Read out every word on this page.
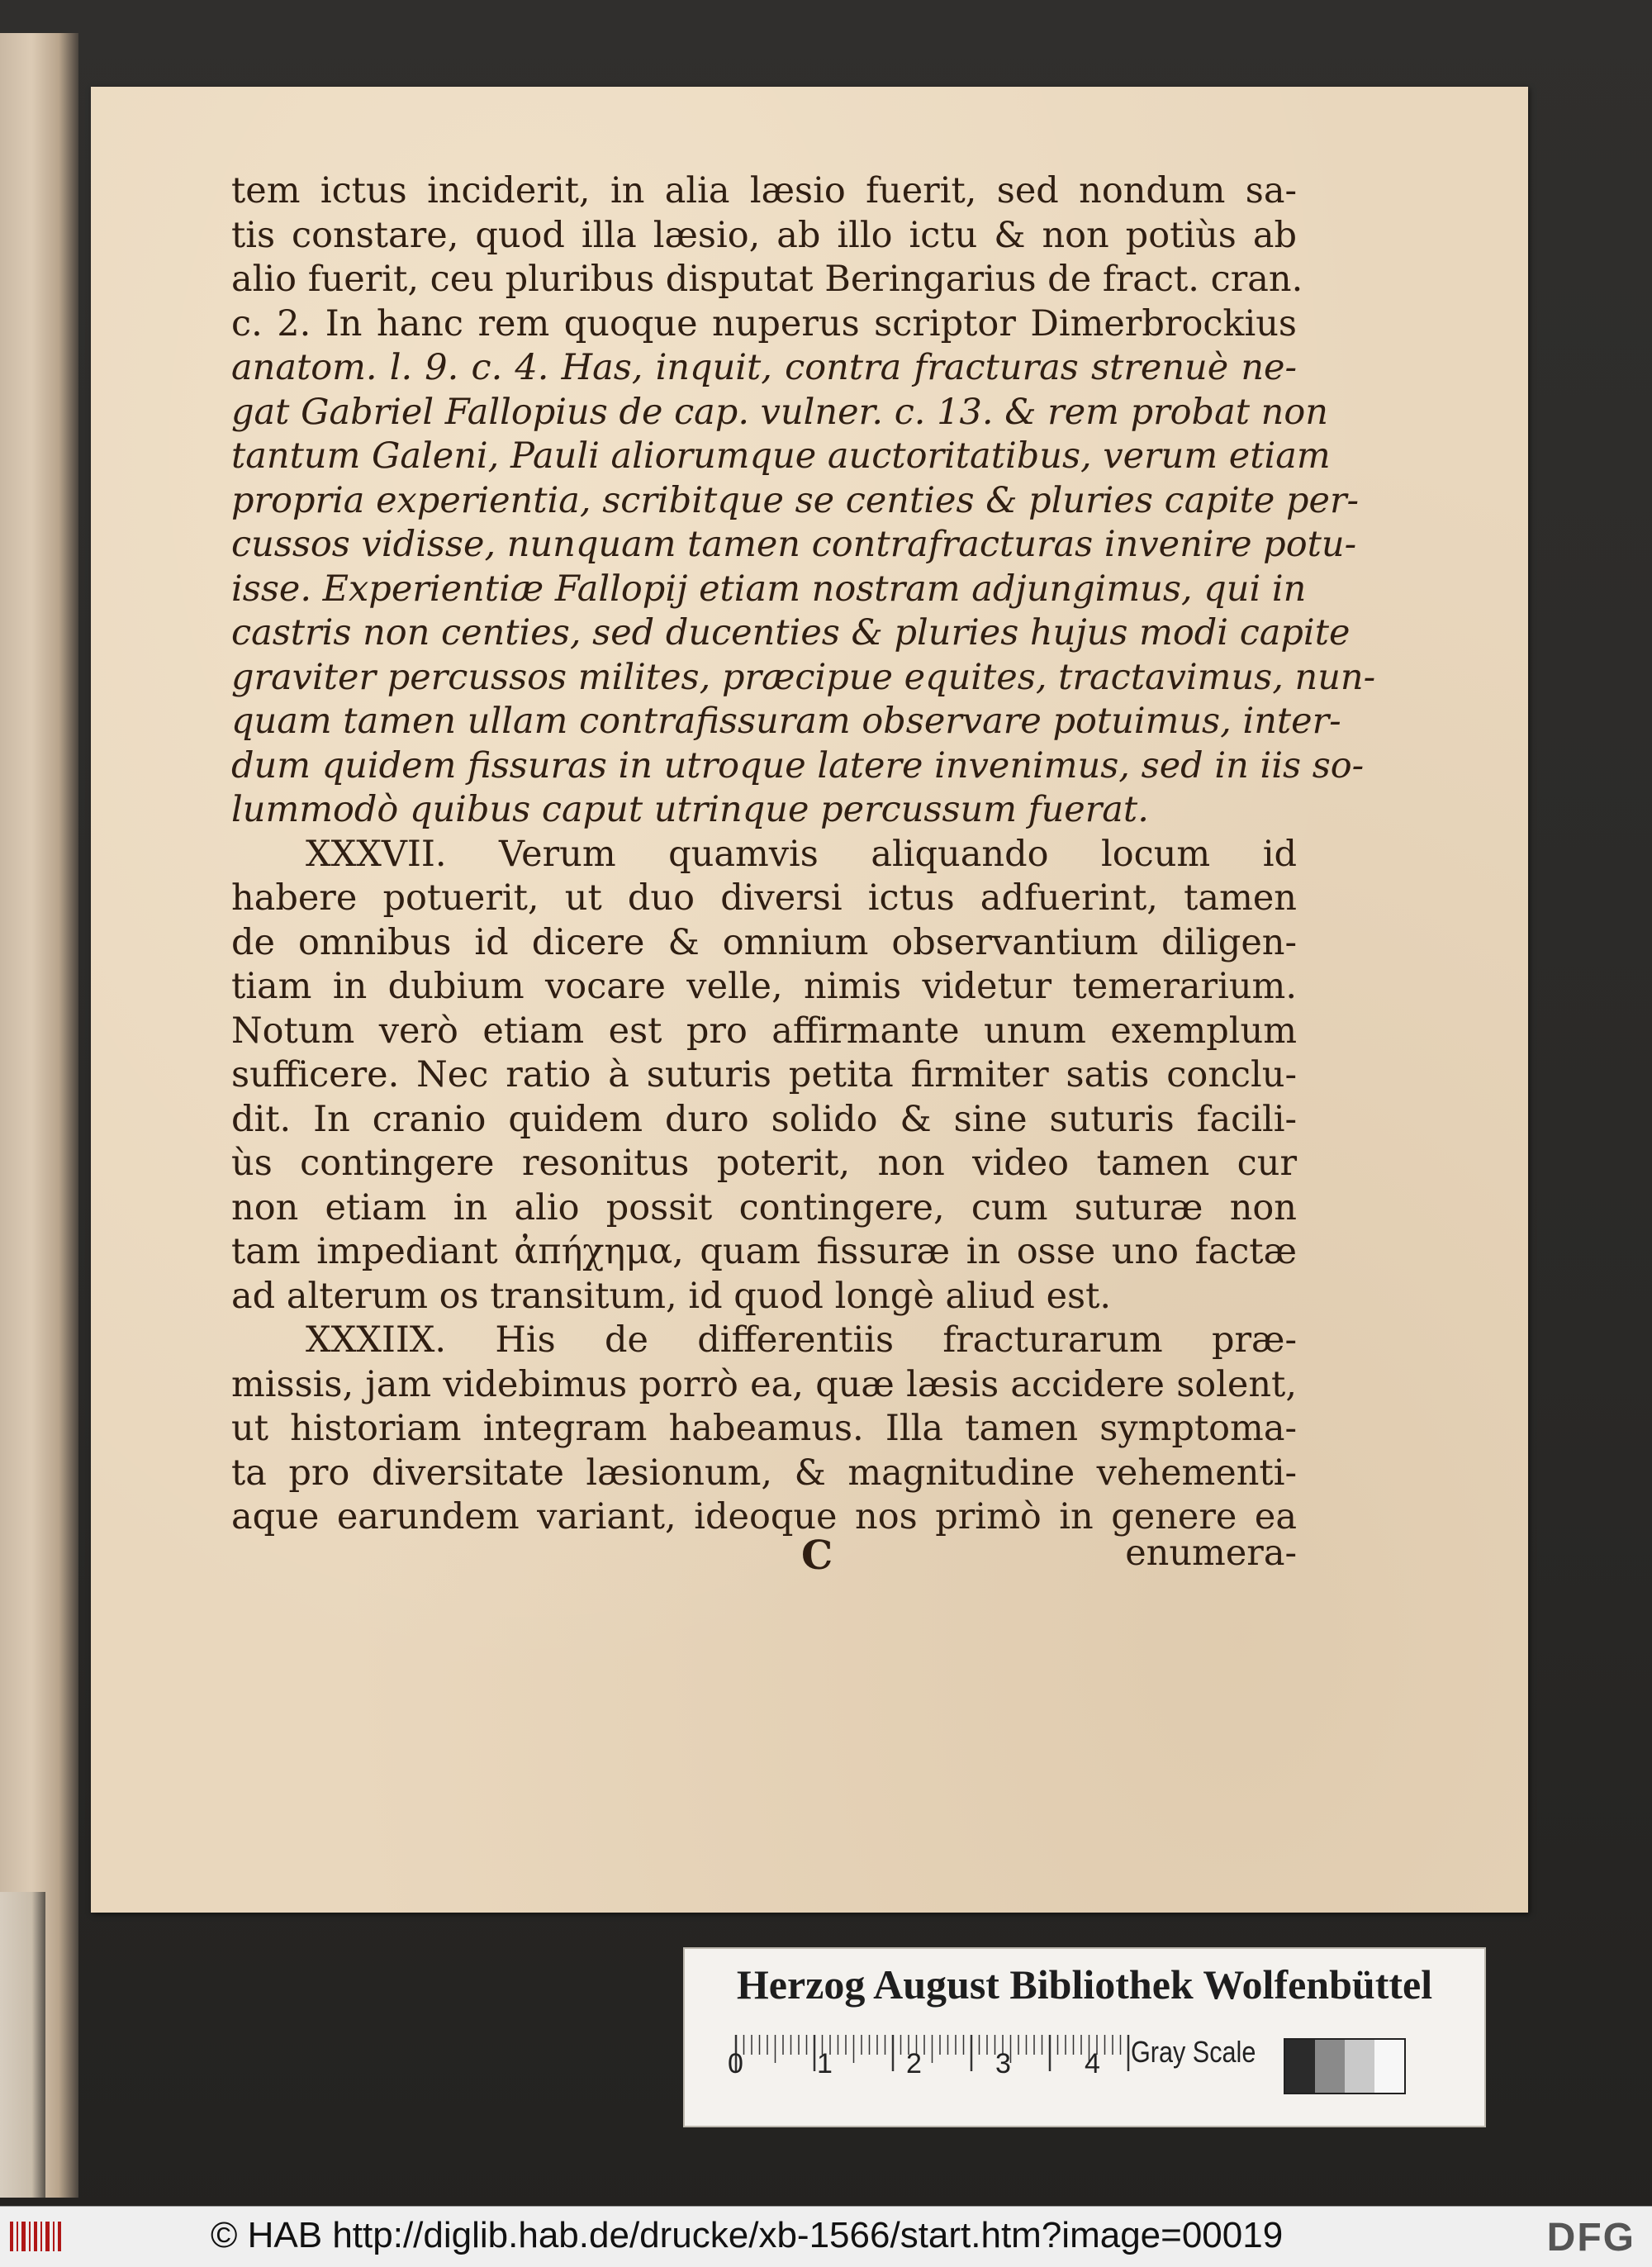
tem ictus inciderit, in alia læsio fuerit, sed nondum sa-
tis constare, quod illa læsio, ab illo ictu & non potiùs ab
alio fuerit, ceu pluribus disputat Beringarius de fract. cran.
c. 2. In hanc rem quoque nuperus scriptor Dimerbrockius
anatom. l. 9. c. 4. Has, inquit, contra fracturas strenuè ne-
gat Gabriel Fallopius de cap. vulner. c. 13. & rem probat non
tantum Galeni, Pauli aliorumque auctoritatibus, verum etiam
propria experientia, scribitque se centies & pluries capite per-
cussos vidisse, nunquam tamen contrafracturas invenire potu-
isse. Experientiæ Fallopij etiam nostram adjungimus, qui in
castris non centies, sed ducenties & pluries hujus modi capite
graviter percussos milites, præcipue equites, tractavimus, nun-
quam tamen ullam contrafissuram observare potuimus, inter-
dum quidem fissuras in utroque latere invenimus, sed in iis so-
lummodò quibus caput utrinque percussum fuerat.
XXXVII. Verum quamvis aliquando locum id
habere potuerit, ut duo diversi ictus adfuerint, tamen
de omnibus id dicere & omnium observantium diligen-
tiam in dubium vocare velle, nimis videtur temerarium.
Notum verò etiam est pro affirmante unum exemplum
sufficere. Nec ratio à suturis petita firmiter satis conclu-
dit. In cranio quidem duro solido & sine suturis facili-
ùs contingere resonitus poterit, non video tamen cur
non etiam in alio possit contingere, cum suturæ non
tam impediant ἀπήχημα, quam fissuræ in osse uno factæ
ad alterum os transitum, id quod longè aliud est.
XXXIIX. His de differentiis fracturarum præ-
missis, jam videbimus porrò ea, quæ læsis accidere solent,
ut historiam integram habeamus. Illa tamen symptoma-
ta pro diversitate læsionum, & magnitudine vehementi-
aque earundem variant, ideoque nos primò in genere ea
C	enumera-
Herzog August Bibliothek Wolfenbüttel
0	1	2	3	4 Gray Scale
© HAB http://diglib.hab.de/drucke/xb-1566/start.htm?image=00019	DFG
